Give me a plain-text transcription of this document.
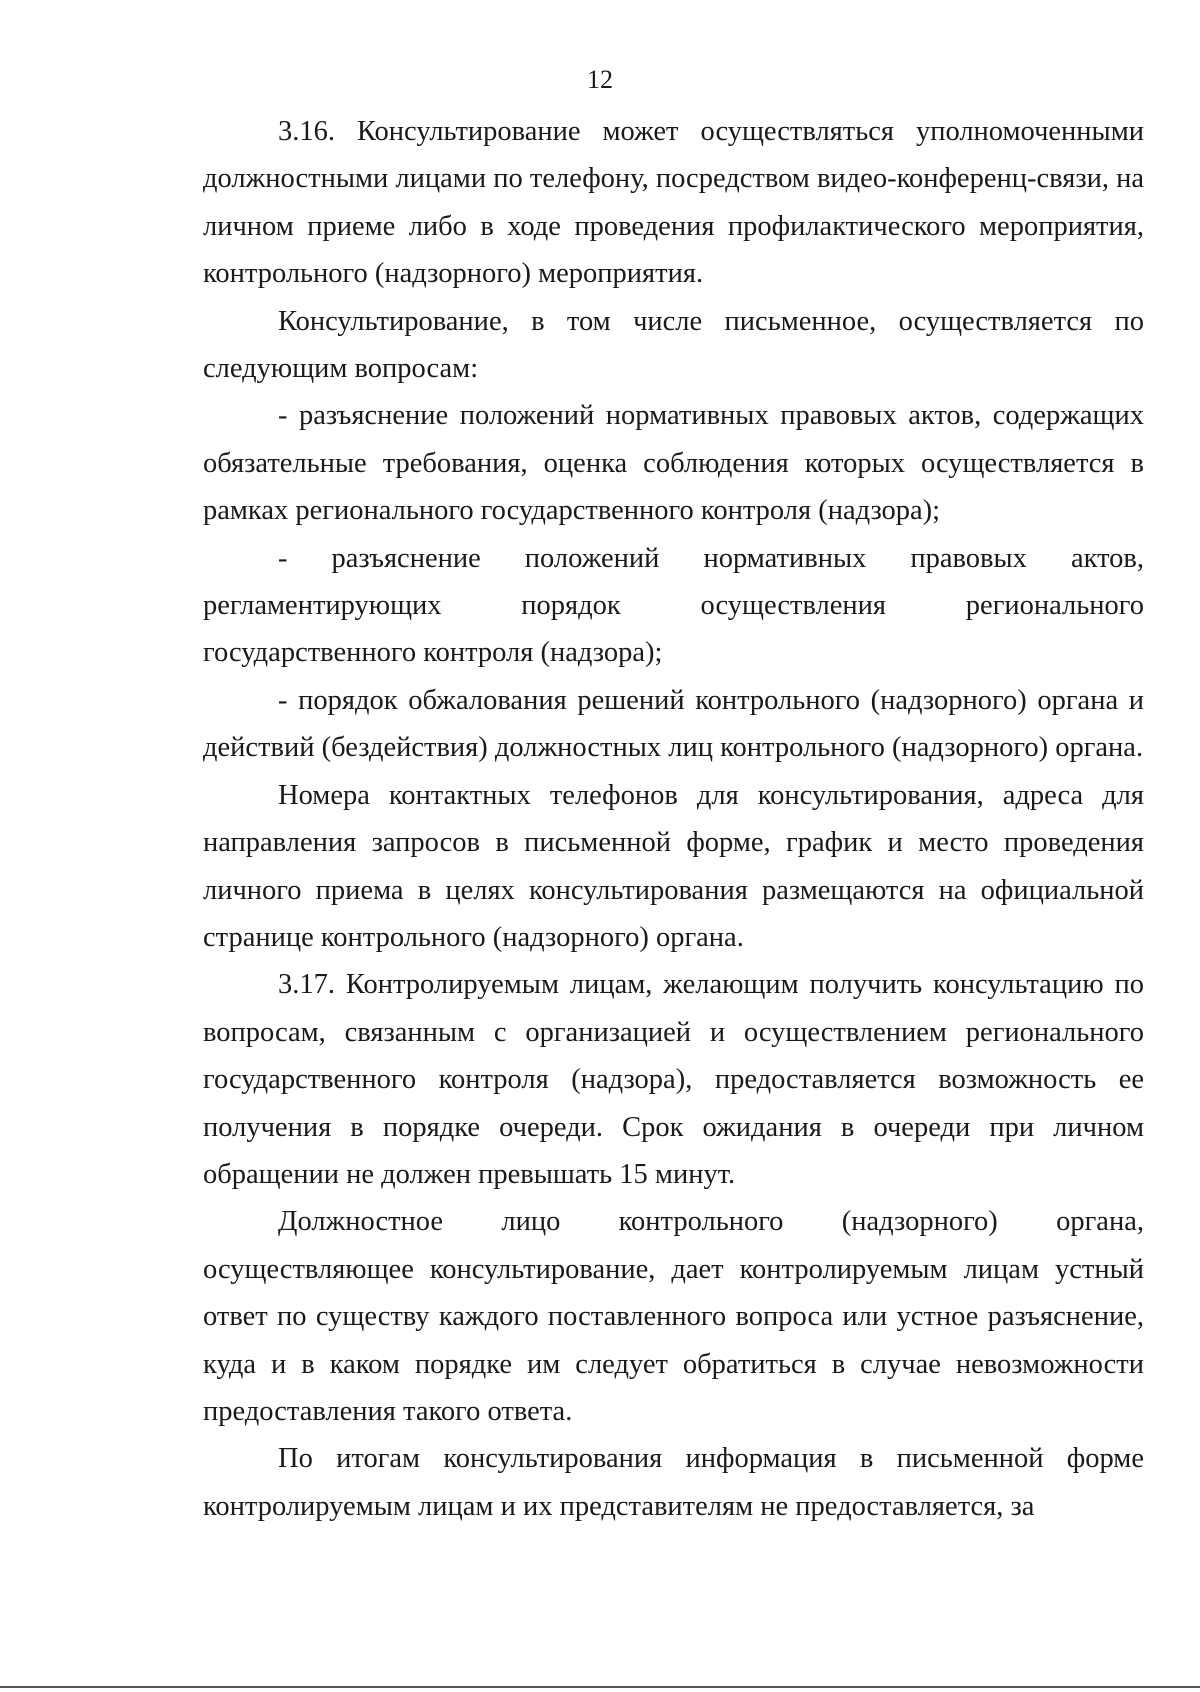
12

3.16. Консультирование может осуществляться уполномоченными должностными лицами по телефону, посредством видео-конференц-связи, на личном приеме либо в ходе проведения профилактического мероприятия, контрольного (надзорного) мероприятия.

Консультирование, в том числе письменное, осуществляется по следующим вопросам:

- разъяснение положений нормативных правовых актов, содержащих обязательные требования, оценка соблюдения которых осуществляется в рамках регионального государственного контроля (надзора);

- разъяснение положений нормативных правовых актов, регламентирующих порядок осуществления регионального государственного контроля (надзора);

- порядок обжалования решений контрольного (надзорного) органа и действий (бездействия) должностных лиц контрольного (надзорного) органа.

Номера контактных телефонов для консультирования, адреса для направления запросов в письменной форме, график и место проведения личного приема в целях консультирования размещаются на официальной странице контрольного (надзорного) органа.

3.17. Контролируемым лицам, желающим получить консультацию по вопросам, связанным с организацией и осуществлением регионального государственного контроля (надзора), предоставляется возможность ее получения в порядке очереди. Срок ожидания в очереди при личном обращении не должен превышать 15 минут.

Должностное лицо контрольного (надзорного) органа, осуществляющее консультирование, дает контролируемым лицам устный ответ по существу каждого поставленного вопроса или устное разъяснение, куда и в каком порядке им следует обратиться в случае невозможности предоставления такого ответа.

По итогам консультирования информация в письменной форме контролируемым лицам и их представителям не предоставляется, за
